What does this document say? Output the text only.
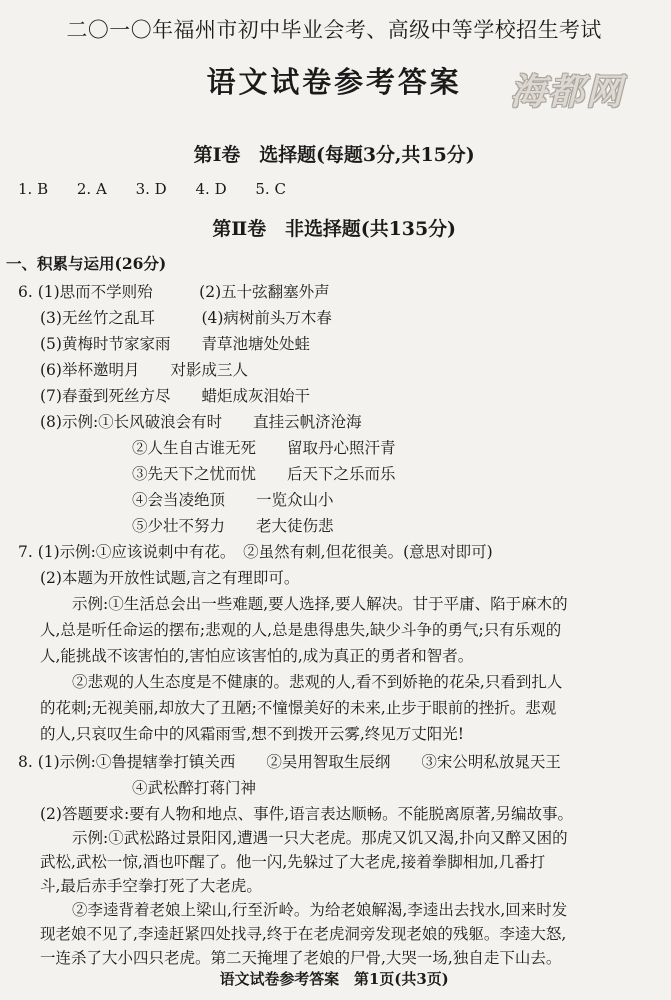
二〇一〇年福州市初中毕业会考、高级中等学校招生考试
语文试卷参考答案	海都网
第Ⅰ卷　选择题(每题3分,共15分)
1. B 2. A 3. D 4. D 5. C
第Ⅱ卷　非选择题(共135分)
一、积累与运用(26分)
6. (1)思而不学则殆　　　(2)五十弦翻塞外声
(3)无丝竹之乱耳　　　(4)病树前头万木春
(5)黄梅时节家家雨　　青草池塘处处蛙
(6)举杯邀明月　　对影成三人
(7)春蚕到死丝方尽　　蜡炬成灰泪始干
(8)示例:①长风破浪会有时　　直挂云帆济沧海
②人生自古谁无死　　留取丹心照汗青
③先天下之忧而忧　　后天下之乐而乐
④会当凌绝顶　　一览众山小
⑤少壮不努力　　老大徒伤悲
7. (1)示例:①应该说刺中有花。　②虽然有刺,但花很美。(意思对即可)
(2)本题为开放性试题,言之有理即可。
示例:①生活总会出一些难题,要人选择,要人解决。甘于平庸、陷于麻木的
人,总是听任命运的摆布;悲观的人,总是患得患失,缺少斗争的勇气;只有乐观的
人,能挑战不该害怕的,害怕应该害怕的,成为真正的勇者和智者。
②悲观的人生态度是不健康的。悲观的人,看不到娇艳的花朵,只看到扎人
的花刺;无视美丽,却放大了丑陋;不憧憬美好的未来,止步于眼前的挫折。悲观
的人,只哀叹生命中的风霜雨雪,想不到拨开云雾,终见万丈阳光!
8. (1)示例:①鲁提辖拳打镇关西　　②吴用智取生辰纲　　③宋公明私放晁天王
④武松醉打蒋门神
(2)答题要求:要有人物和地点、事件,语言表达顺畅。不能脱离原著,另编故事。
示例:①武松路过景阳冈,遭遇一只大老虎。那虎又饥又渴,扑向又醉又困的
武松,武松一惊,酒也吓醒了。他一闪,先躲过了大老虎,接着拳脚相加,几番打
斗,最后赤手空拳打死了大老虎。
②李逵背着老娘上梁山,行至沂岭。为给老娘解渴,李逵出去找水,回来时发
现老娘不见了,李逵赶紧四处找寻,终于在老虎洞旁发现老娘的残躯。李逵大怒,
一连杀了大小四只老虎。第二天掩埋了老娘的尸骨,大哭一场,独自走下山去。
语文试卷参考答案　第1页(共3页)
